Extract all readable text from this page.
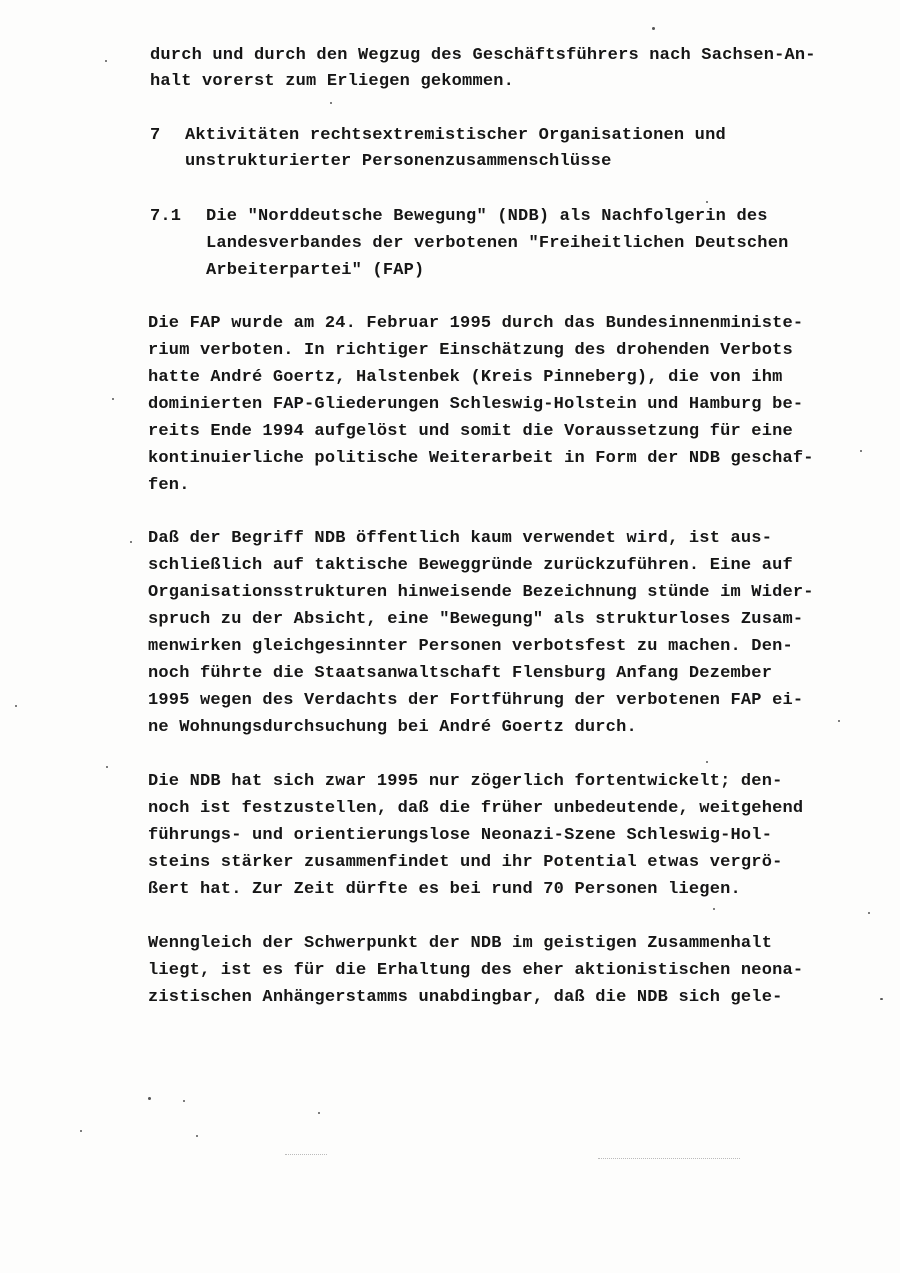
durch und durch den Wegzug des Geschäftsführers nach Sachsen-An-
halt vorerst zum Erliegen gekommen.
7 Aktivitäten rechtsextremistischer Organisationen und
unstrukturierter Personenzusammenschlüsse
7.1 Die "Norddeutsche Bewegung" (NDB) als Nachfolgerin des
Landesverbandes der verbotenen "Freiheitlichen Deutschen
Arbeiterpartei" (FAP)
Die FAP wurde am 24. Februar 1995 durch das Bundesinnenministe-
rium verboten. In richtiger Einschätzung des drohenden Verbots
hatte André Goertz, Halstenbek (Kreis Pinneberg), die von ihm
dominierten FAP-Gliederungen Schleswig-Holstein und Hamburg be-
reits Ende 1994 aufgelöst und somit die Voraussetzung für eine
kontinuierliche politische Weiterarbeit in Form der NDB geschaf-
fen.
Daß der Begriff NDB öffentlich kaum verwendet wird, ist aus-
schließlich auf taktische Beweggründe zurückzuführen. Eine auf
Organisationsstrukturen hinweisende Bezeichnung stünde im Wider-
spruch zu der Absicht, eine "Bewegung" als strukturloses Zusam-
menwirken gleichgesinnter Personen verbotsfest zu machen. Den-
noch führte die Staatsanwaltschaft Flensburg Anfang Dezember
1995 wegen des Verdachts der Fortführung der verbotenen FAP ei-
ne Wohnungsdurchsuchung bei André Goertz durch.
Die NDB hat sich zwar 1995 nur zögerlich fortentwickelt; den-
noch ist festzustellen, daß die früher unbedeutende, weitgehend
führungs- und orientierungslose Neonazi-Szene Schleswig-Hol-
steins stärker zusammenfindet und ihr Potential etwas vergrö-
ßert hat. Zur Zeit dürfte es bei rund 70 Personen liegen.
Wenngleich der Schwerpunkt der NDB im geistigen Zusammenhalt
liegt, ist es für die Erhaltung des eher aktionistischen neona-
zistischen Anhängerstamms unabdingbar, daß die NDB sich gele-
